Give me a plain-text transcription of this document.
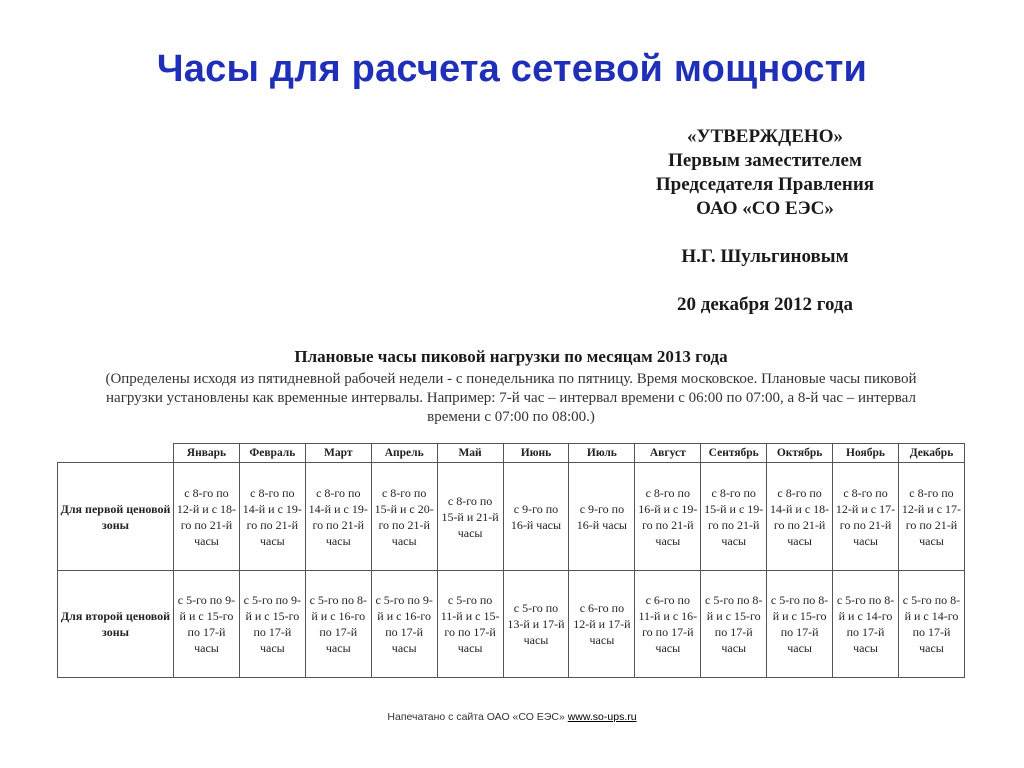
Часы для расчета сетевой мощности
«УТВЕРЖДЕНО»
Первым заместителем
Председателя Правления
ОАО «СО ЕЭС»
Н.Г. Шульгиновым
20 декабря 2012 года
Плановые часы пиковой нагрузки по месяцам 2013 года
(Определены исходя из пятидневной рабочей недели - с понедельника по пятницу. Время московское. Плановые часы пиковой нагрузки установлены как временные интервалы. Например: 7-й час – интервал времени с 06:00 по 07:00, а 8-й час – интервал времени с 07:00 по 08:00.)
	Январь	Февраль	Март	Апрель	Май	Июнь	Июль	Август	Сентябрь	Октябрь	Ноябрь	Декабрь
Для первой ценовой зоны	с 8-го по 12-й и с 18-го по 21-й часы	с 8-го по 14-й и с 19-го по 21-й часы	с 8-го по 14-й и с 19-го по 21-й часы	с 8-го по 15-й и с 20-го по 21-й часы	с 8-го по 15-й и 21-й часы	с 9-го по 16-й часы	с 9-го по 16-й часы	с 8-го по 16-й и с 19-го по 21-й часы	с 8-го по 15-й и с 19-го по 21-й часы	с 8-го по 14-й и с 18-го по 21-й часы	с 8-го по 12-й и с 17-го по 21-й часы	с 8-го по 12-й и с 17-го по 21-й часы
Для второй ценовой зоны	с 5-го по 9-й и с 15-го по 17-й часы	с 5-го по 9-й и с 15-го по 17-й часы	с 5-го по 8-й и с 16-го по 17-й часы	с 5-го по 9-й и с 16-го по 17-й часы	с 5-го по 11-й и с 15-го по 17-й часы	с 5-го по 13-й и 17-й часы	с 6-го по 12-й и 17-й часы	с 6-го по 11-й и с 16-го по 17-й часы	с 5-го по 8-й и с 15-го по 17-й часы	с 5-го по 8-й и с 15-го по 17-й часы	с 5-го по 8-й и с 14-го по 17-й часы	с 5-го по 8-й и с 14-го по 17-й часы
Напечатано с сайта ОАО «СО ЕЭС» www.so-ups.ru
